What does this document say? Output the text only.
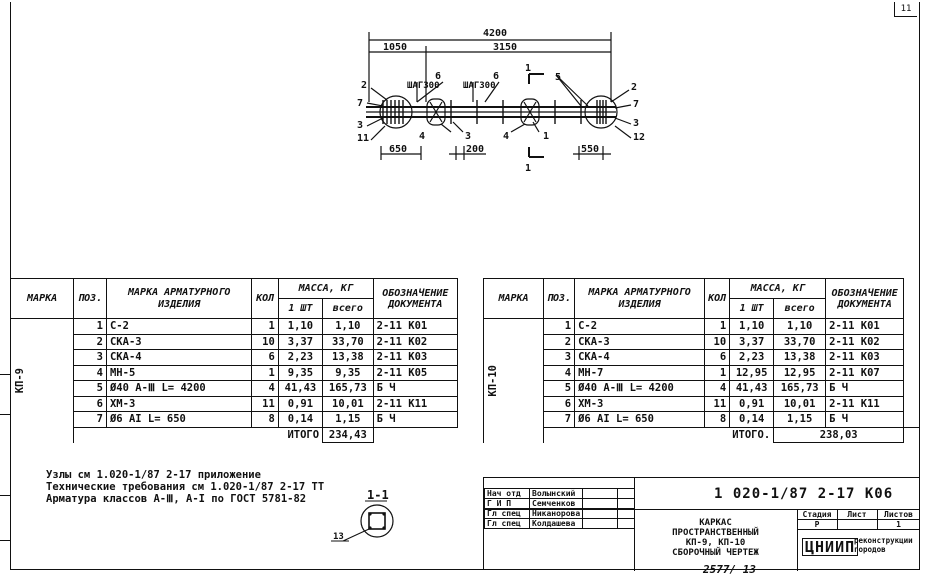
11
4200
1050	3150
ШАГ300	ШАГ300
6	6
2
7
3
11	4	3	4	1
1
5
2
7
3
12
1
650	200	550
1-1
13
МАРКА	ПОЗ.	МАРКА АРМАТУРНОГО ИЗДЕЛИЯ	КОЛ	МАССА, КГ		ОБОЗНАЧЕНИЕ ДОКУМЕНТА
				1 ШТ	всего	

КП-9	1	С-2	1	1,10	1,10	2-11 К01
	2	СКА-3	10	3,37	33,70	2-11 К02
	3	СКА-4	6	2,23	13,38	2-11 К03
	4	МН-5	1	9,35	9,35	2-11 К05
	5	Ø40 А-Ⅲ L= 4200	4	41,43	165,73	Б Ч
	6	ХМ-3	11	0,91	10,01	2-11 К11
	7	Ø6 АI L= 650	8	0,14	1,15	Б Ч
	ИТОГО				234,43	
МАРКА	ПОЗ.	МАРКА АРМАТУРНОГО ИЗДЕЛИЯ	КОЛ	МАССА, КГ		ОБОЗНАЧЕНИЕ ДОКУМЕНТА	
				1 ШТ	всего		

КП-10	1	С-2	1	1,10	1,10	2-11 К01	
	2	СКА-3	10	3,37	33,70	2-11 К02	
	3	СКА-4	6	2,23	13,38	2-11 К03	
	4	МН-7	1	12,95	12,95	2-11 К07	
	5	Ø40 А-Ⅲ L= 4200	4	41,43	165,73	Б Ч	
	6	ХМ-3	11	0,91	10,01	2-11 К11	
	7	Ø6 АI L= 650	8	0,14	1,15	Б Ч	
	ИТОГО.				238,03		
Узлы см 1.020-1/87 2-17 приложение
Технические требования см 1.020-1/87 2-17 ТТ
Арматура классов А-Ⅲ, А-I по ГОСТ 5781-82	Нач отд	Волынский		
Г И П	Семченков		
Гл спец	Никанорова		
Гл спец	Колдашева		
1 020-1/87 2-17 К06
КАРКАС
ПРОСТРАНСТВЕННЫЙ
КП-9, КП-10
СБОРОЧНЫЙ ЧЕРТЕЖ
Стадия	Лист	Листов
Р	1
ЦНИИП
реконструкции
городов
2577/ 13
